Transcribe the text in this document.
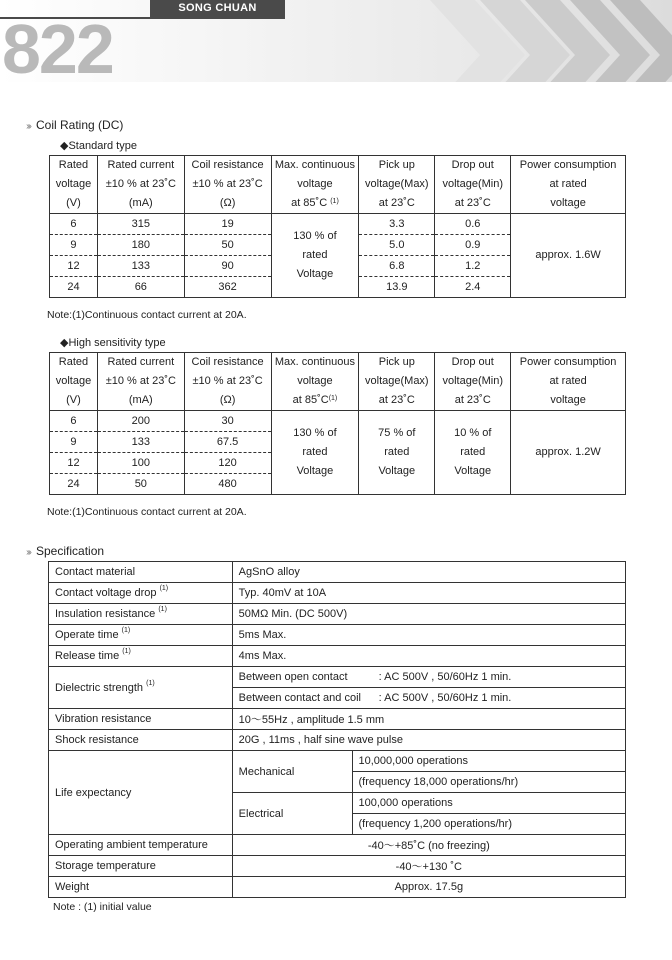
SONG CHUAN
822
››› Coil Rating (DC)
◆Standard type
Rated
voltage
(V)	Rated current
±10 % at 23˚C
(mA)	Coil resistance
±10 % at 23˚C
(Ω)	Max. continuous
voltage
at 85˚C $^{(1)}$	Pick up
voltage(Max)
at 23˚C	Drop out
voltage(Min)
at 23˚C	Power consumption
at rated
voltage
6	315	19	130 % of
rated
Voltage	3.3	0.6	approx. 1.6W
9	180	50		5.0	0.9	
12	133	90		6.8	1.2	
24	66	362		13.9	2.4	
Note:(1)Continuous contact current at 20A.
◆High sensitivity type
Rated
voltage
(V)	Rated current
±10 % at 23˚C
(mA)	Coil resistance
±10 % at 23˚C
(Ω)	Max. continuous
voltage
at $85˚C^{(1)}$	Pick up
voltage(Max)
at 23˚C	Drop out
voltage(Min)
at 23˚C	Power consumption
at rated
voltage
6	200	30	130 % of
rated
Voltage	75 % of
rated
Voltage	10 % of
rated
Voltage	approx. 1.2W
9	133	67.5				
12	100	120				
24	50	480				
Note:(1)Continuous contact current at 20A.
››› Specification
Contact material	AgSnO alloy	
Contact voltage drop $^{(1)}$	Typ. 40mV at 10A	
Insulation resistance $^{(1)}$	50MΩ Min. (DC 500V)	
Operate time $^{(1)}$	5ms Max.	
Release time $^{(1)}$	4ms Max.	
Dielectric strength $^{(1)}$	Between open contact : AC 500V , 50/60Hz 1 min.	
	Between contact and coil : AC 500V , 50/60Hz 1 min.	
Vibration resistance	10～55Hz , amplitude 1.5 mm	
Shock resistance	20G , 11ms , half sine wave pulse	
Life expectancy	Mechanical	10,000,000 operations
		(frequency 18,000 operations/hr)
	Electrical	100,000 operations
		(frequency 1,200 operations/hr)
Operating ambient temperature	-40～+85˚C (no freezing)	
Storage temperature	-40～+130 ˚C	
Weight	Approx. 17.5g	
Note : (1) initial value
